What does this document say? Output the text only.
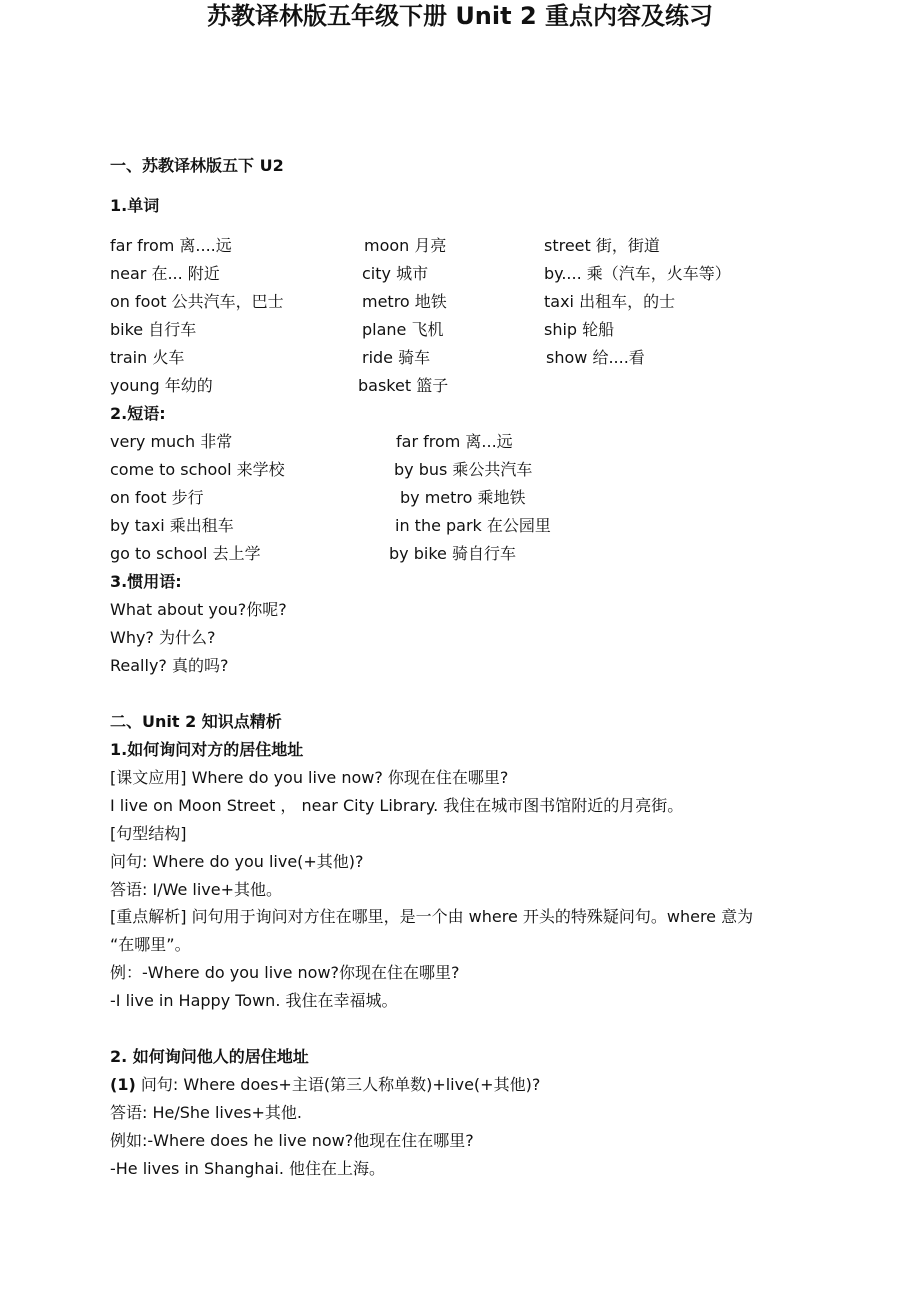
苏教译林版五年级下册 Unit 2 重点内容及练习
一、苏教译林版五下 U2
1.单词
far from 离....远	moon 月亮	street 街，街道
near 在... 附近	city 城市	by.... 乘（汽车，火车等）
on foot 公共汽车，巴士	metro 地铁	taxi 出租车，的士
bike 自行车	plane 飞机	ship 轮船
train 火车	ride 骑车	show 给....看
young 年幼的	basket 篮子
2.短语:
very much 非常	far from 离...远
come to school 来学校	by bus 乘公共汽车
on foot 步行	by metro 乘地铁
by taxi 乘出租车	in the park 在公园里
go to school 去上学	by bike 骑自行车
3.惯用语:
What about you?你呢?
Why? 为什么?
Really? 真的吗?
二、Unit 2 知识点精析
1.如何询问对方的居住地址
[课文应用] Where do you live now? 你现在住在哪里?
I live on Moon Street ， near City Library. 我住在城市图书馆附近的月亮街。
[句型结构]
问句: Where do you live(+其他)?
答语: I/We live+其他。
[重点解析] 问句用于询问对方住在哪里，是一个由 where 开头的特殊疑问句。where 意为
“在哪里”。
例：-Where do you live now?你现在住在哪里?
-I live in Happy Town. 我住在幸福城。
2. 如何询问他人的居住地址
(1) 问句: Where does+主语(第三人称单数)+live(+其他)?
答语: He/She lives+其他.
例如:-Where does he live now?他现在住在哪里?
-He lives in Shanghai. 他住在上海。
